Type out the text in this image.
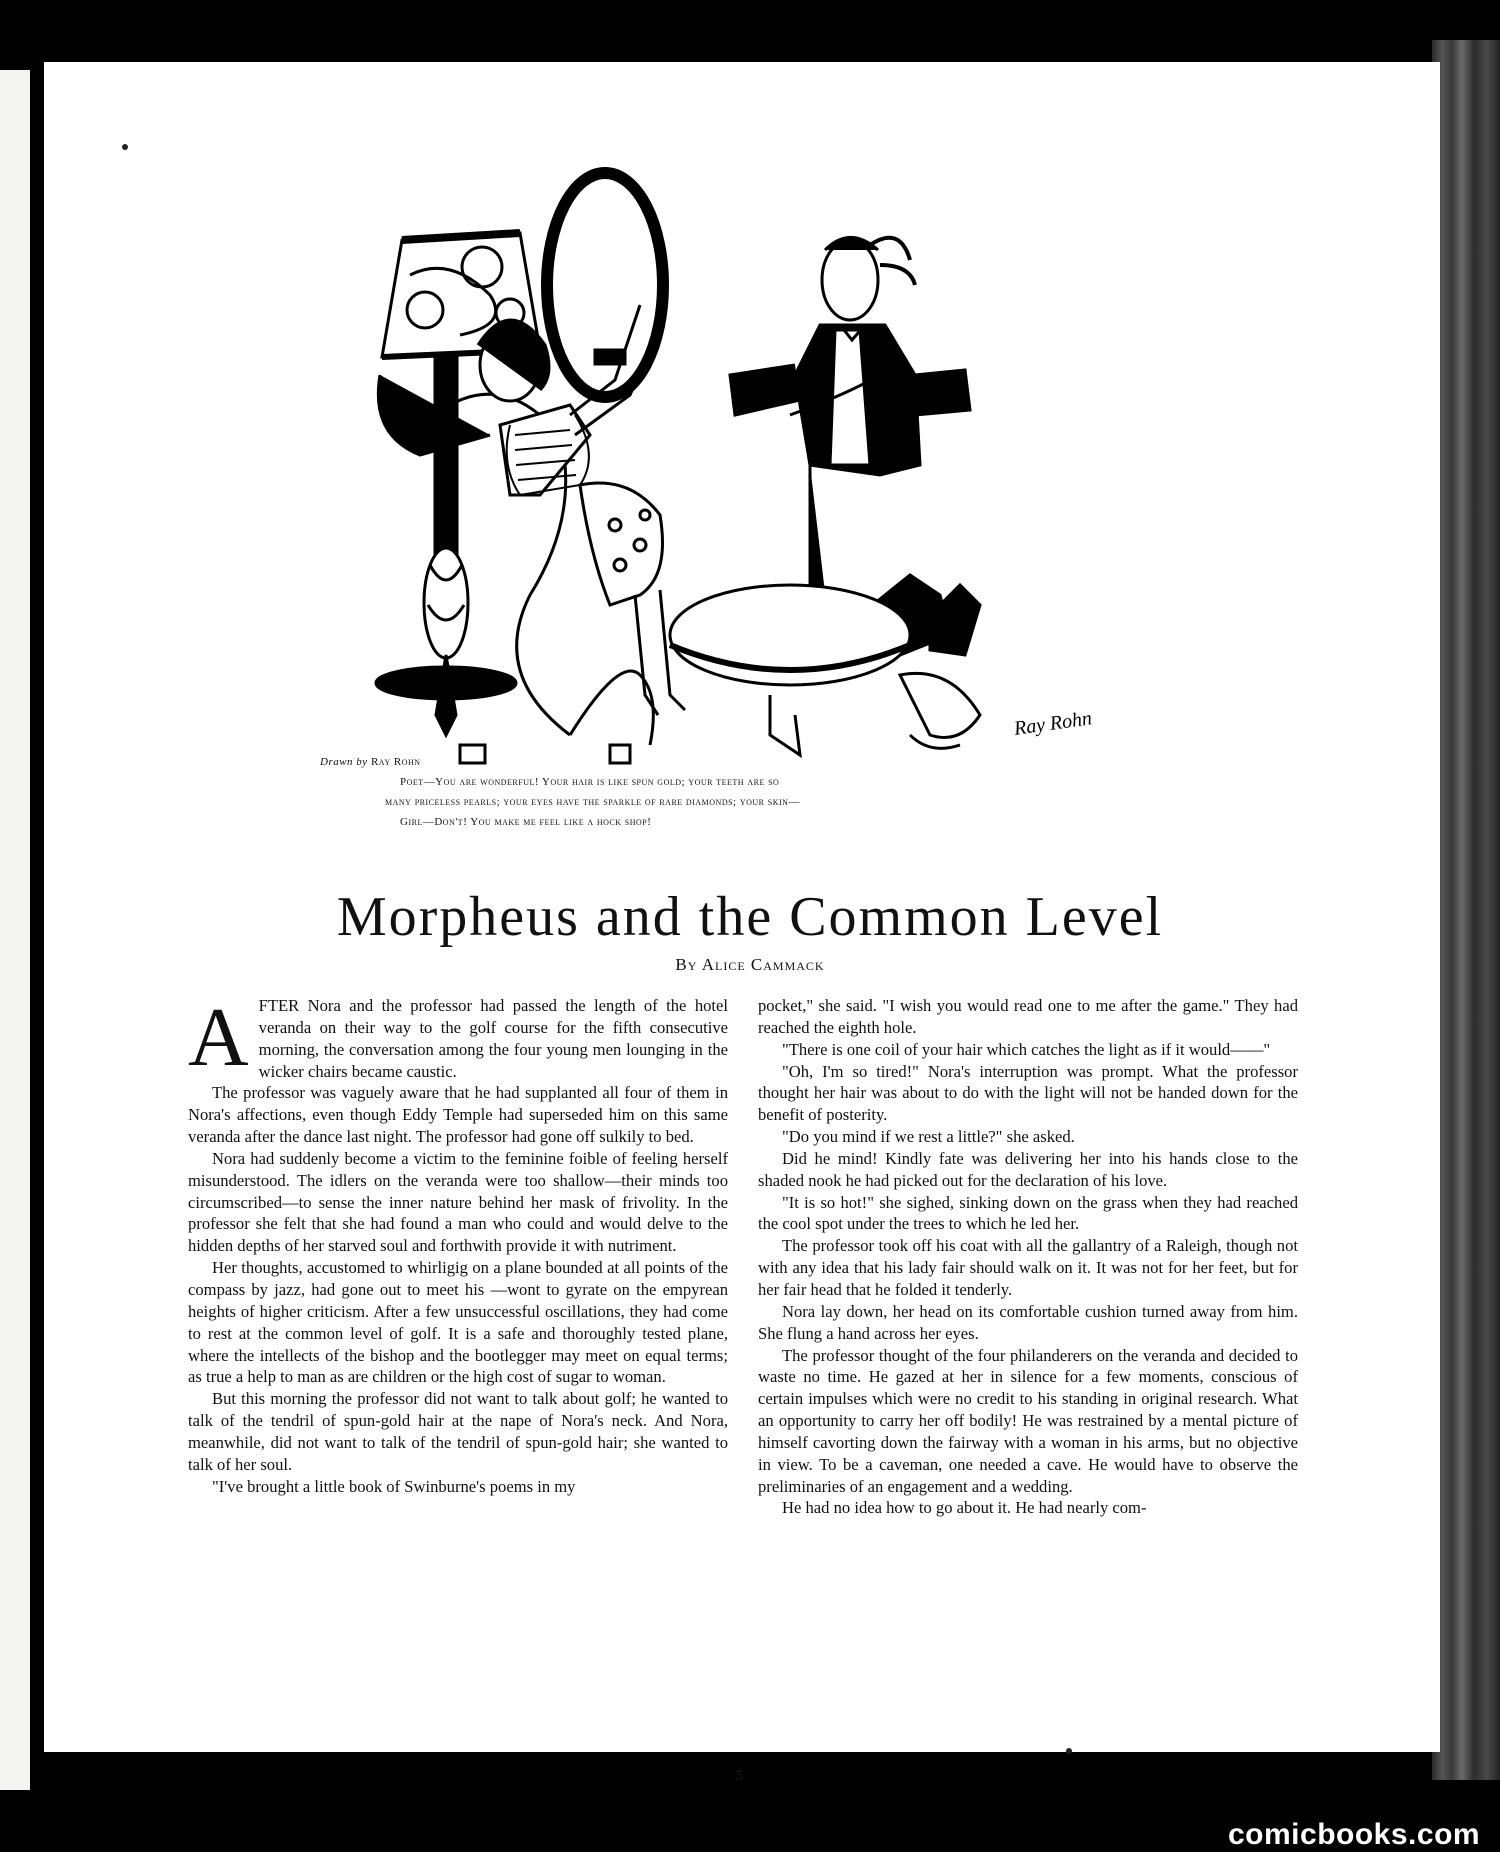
Ray Rohn
Drawn by Ray Rohn
Poet—You are wonderful! Your hair is like spun gold; your teeth are so
many priceless pearls; your eyes have the sparkle of rare diamonds; your skin—
Girl—Don't! You make me feel like a hock shop!
Morpheus and the Common Level
By Alice Cammack

AFTER Nora and the professor had passed the length of the hotel veranda on their way to the golf course for the fifth consecutive morning, the conversation among the four young men lounging in the wicker chairs became caustic.

The professor was vaguely aware that he had supplanted all four of them in Nora's affections, even though Eddy Temple had superseded him on this same veranda after the dance last night. The professor had gone off sulkily to bed.

Nora had suddenly become a victim to the feminine foible of feeling herself misunderstood. The idlers on the veranda were too shallow—their minds too circumscribed—to sense the inner nature behind her mask of frivolity. In the professor she felt that she had found a man who could and would delve to the hidden depths of her starved soul and forthwith provide it with nutriment.

Her thoughts, accustomed to whirligig on a plane bounded at all points of the compass by jazz, had gone out to meet his —wont to gyrate on the empyrean heights of higher criticism. After a few unsuccessful oscillations, they had come to rest at the common level of golf. It is a safe and thoroughly tested plane, where the intellects of the bishop and the bootlegger may meet on equal terms; as true a help to man as are children or the high cost of sugar to woman.

But this morning the professor did not want to talk about golf; he wanted to talk of the tendril of spun-gold hair at the nape of Nora's neck. And Nora, meanwhile, did not want to talk of the tendril of spun-gold hair; she wanted to talk of her soul.

"I've brought a little book of Swinburne's poems in my

pocket," she said. "I wish you would read one to me after the game." They had reached the eighth hole.

"There is one coil of your hair which catches the light as if it would——"

"Oh, I'm so tired!" Nora's interruption was prompt. What the professor thought her hair was about to do with the light will not be handed down for the benefit of posterity.

"Do you mind if we rest a little?" she asked.

Did he mind! Kindly fate was delivering her into his hands close to the shaded nook he had picked out for the declaration of his love.

"It is so hot!" she sighed, sinking down on the grass when they had reached the cool spot under the trees to which he led her.

The professor took off his coat with all the gallantry of a Raleigh, though not with any idea that his lady fair should walk on it. It was not for her feet, but for her fair head that he folded it tenderly.

Nora lay down, her head on its comfortable cushion turned away from him. She flung a hand across her eyes.

The professor thought of the four philanderers on the veranda and decided to waste no time. He gazed at her in silence for a few moments, conscious of certain impulses which were no credit to his standing in original research. What an opportunity to carry her off bodily! He was restrained by a mental picture of himself cavorting down the fairway with a woman in his arms, but no objective in view. To be a caveman, one needed a cave. He would have to observe the preliminaries of an engagement and a wedding.

He had no idea how to go about it. He had nearly com-

5
comicbooks.com
